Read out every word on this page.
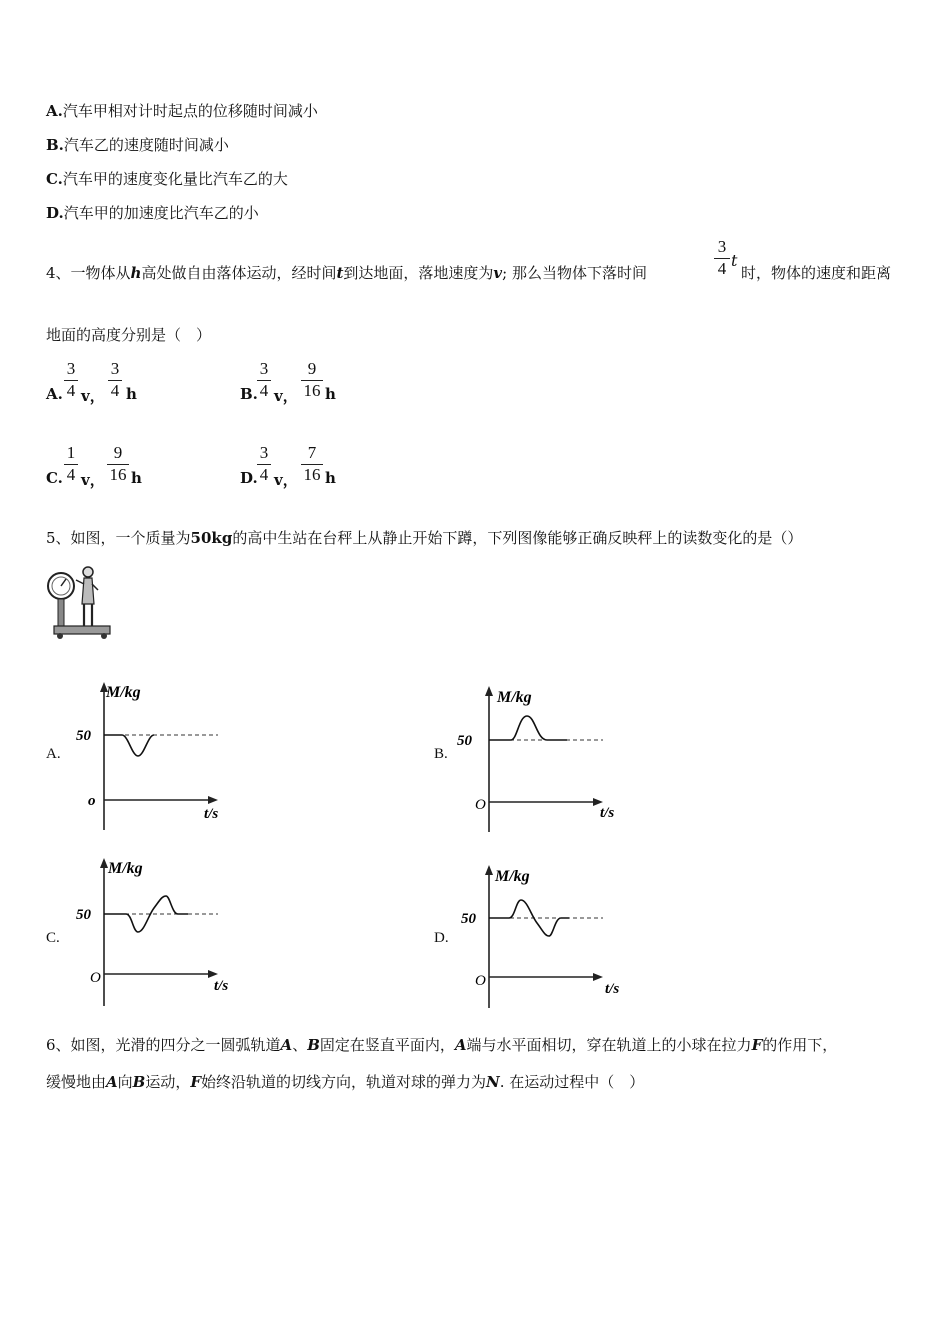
A.汽车甲相对计时起点的位移随时间减小
B.汽车乙的速度随时间减小
C.汽车甲的速度变化量比汽车乙的大
D.汽车甲的加速度比汽车乙的小
4、一物体从h高处做自由落体运动，经时间t到达地面，落地速度为v; 那么当物体下落时间
3
4 t
时，物体的速度和距离
地面的高度分别是（　）
A.
3
4 v，
3
4 h	B.
3
4 v，
9
16 h
C.
1
4 v，
9
16 h	D.
3
4 v，
7
16 h
5、如图，一个质量为50kg的高中生站在台秤上从静止开始下蹲，下列图像能够正确反映秤上的读数变化的是（）
A.
M/kg
50
o
t/s
B.
M/kg
50
O	t/s
C.
M/kg
50
O	t/s
D.
M/kg
50
O	t/s
6、如图，光滑的四分之一圆弧轨道A、B固定在竖直平面内，A端与水平面相切，穿在轨道上的小球在拉力F的作用下，
缓慢地由A向B运动，F始终沿轨道的切线方向，轨道对球的弹力为N. 在运动过程中（　）
